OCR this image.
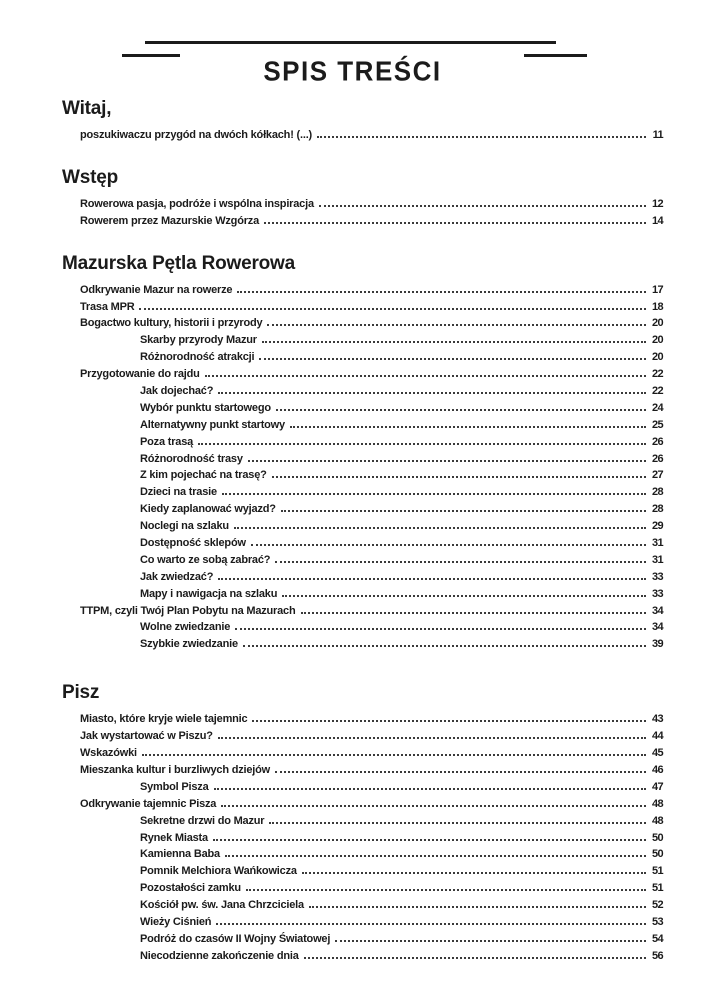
SPIS TREŚCI
Witaj,
poszukiwaczu przygód na dwóch kółkach! (...)	11
Wstęp
Rowerowa pasja, podróże i wspólna inspiracja	12
Rowerem przez Mazurskie Wzgórza	14
Mazurska Pętla Rowerowa
Odkrywanie Mazur na rowerze	17
Trasa MPR	18
Bogactwo kultury, historii i przyrody	20
Skarby przyrody Mazur	20
Różnorodność atrakcji	20
Przygotowanie do rajdu	22
Jak dojechać?	22
Wybór punktu startowego	24
Alternatywny punkt startowy	25
Poza trasą	26
Różnorodność trasy	26
Z kim pojechać na trasę?	27
Dzieci na trasie	28
Kiedy zaplanować wyjazd?	28
Noclegi na szlaku	29
Dostępność sklepów	31
Co warto ze sobą zabrać?	31
Jak zwiedzać?	33
Mapy i nawigacja na szlaku	33
TTPM, czyli Twój Plan Pobytu na Mazurach	34
Wolne zwiedzanie	34
Szybkie zwiedzanie	39
Pisz
Miasto, które kryje wiele tajemnic	43
Jak wystartować w Piszu?	44
Wskazówki	45
Mieszanka kultur i burzliwych dziejów	46
Symbol Pisza	47
Odkrywanie tajemnic Pisza	48
Sekretne drzwi do Mazur	48
Rynek Miasta	50
Kamienna Baba	50
Pomnik Melchiora Wańkowicza	51
Pozostałości zamku	51
Kościół pw. św. Jana Chrzciciela	52
Wieży Ciśnień	53
Podróż do czasów II Wojny Światowej	54
Niecodzienne zakończenie dnia	56
